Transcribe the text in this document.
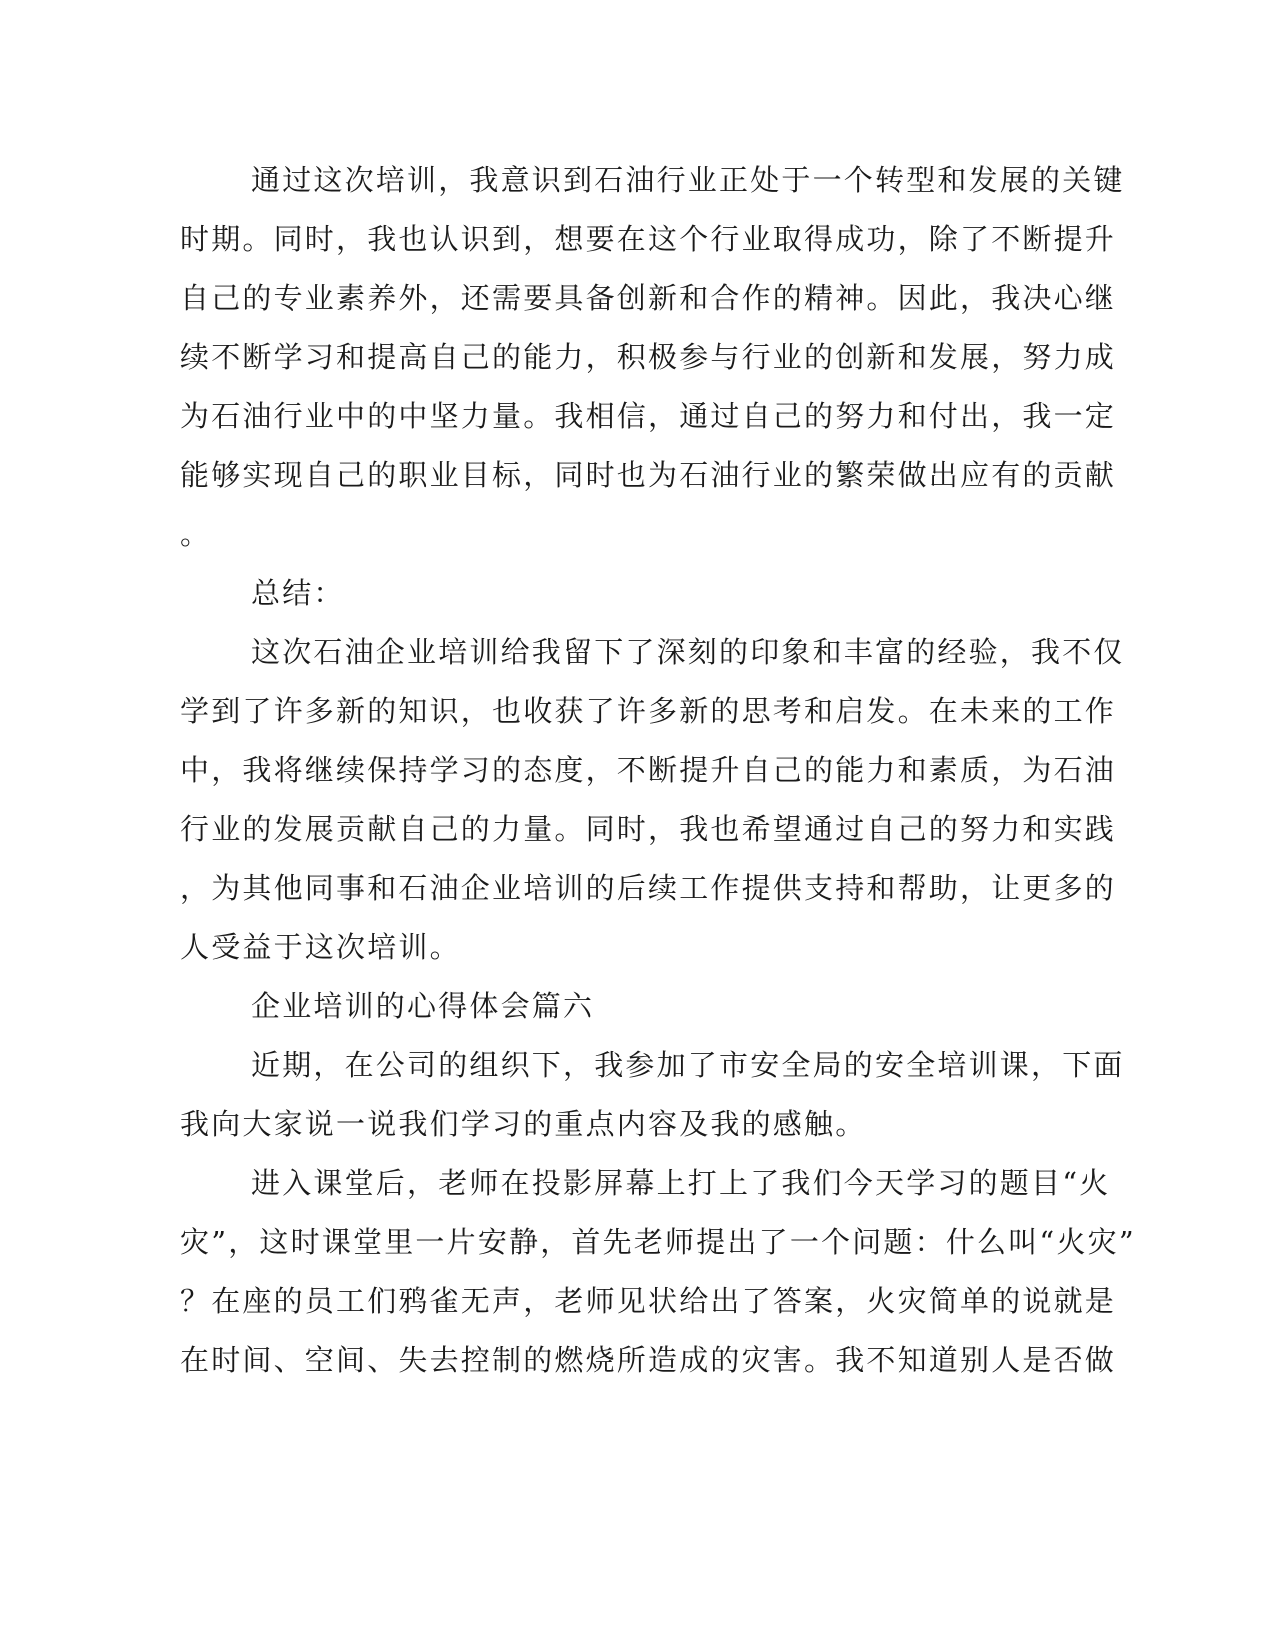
通过这次培训，我意识到石油行业正处于一个转型和发展的关键

时期。同时，我也认识到，想要在这个行业取得成功，除了不断提升

自己的专业素养外，还需要具备创新和合作的精神。因此，我决心继

续不断学习和提高自己的能力，积极参与行业的创新和发展，努力成

为石油行业中的中坚力量。我相信，通过自己的努力和付出，我一定

能够实现自己的职业目标，同时也为石油行业的繁荣做出应有的贡献

。

总结：

这次石油企业培训给我留下了深刻的印象和丰富的经验，我不仅

学到了许多新的知识，也收获了许多新的思考和启发。在未来的工作

中，我将继续保持学习的态度，不断提升自己的能力和素质，为石油

行业的发展贡献自己的力量。同时，我也希望通过自己的努力和实践

，为其他同事和石油企业培训的后续工作提供支持和帮助，让更多的

人受益于这次培训。

企业培训的心得体会篇六

近期，在公司的组织下，我参加了市安全局的安全培训课，下面

我向大家说一说我们学习的重点内容及我的感触。

进入课堂后，老师在投影屏幕上打上了我们今天学习的题目“火

灾”，这时课堂里一片安静，首先老师提出了一个问题：什么叫“火灾”

？在座的员工们鸦雀无声，老师见状给出了答案，火灾简单的说就是

在时间、空间、失去控制的燃烧所造成的灾害。我不知道别人是否做
